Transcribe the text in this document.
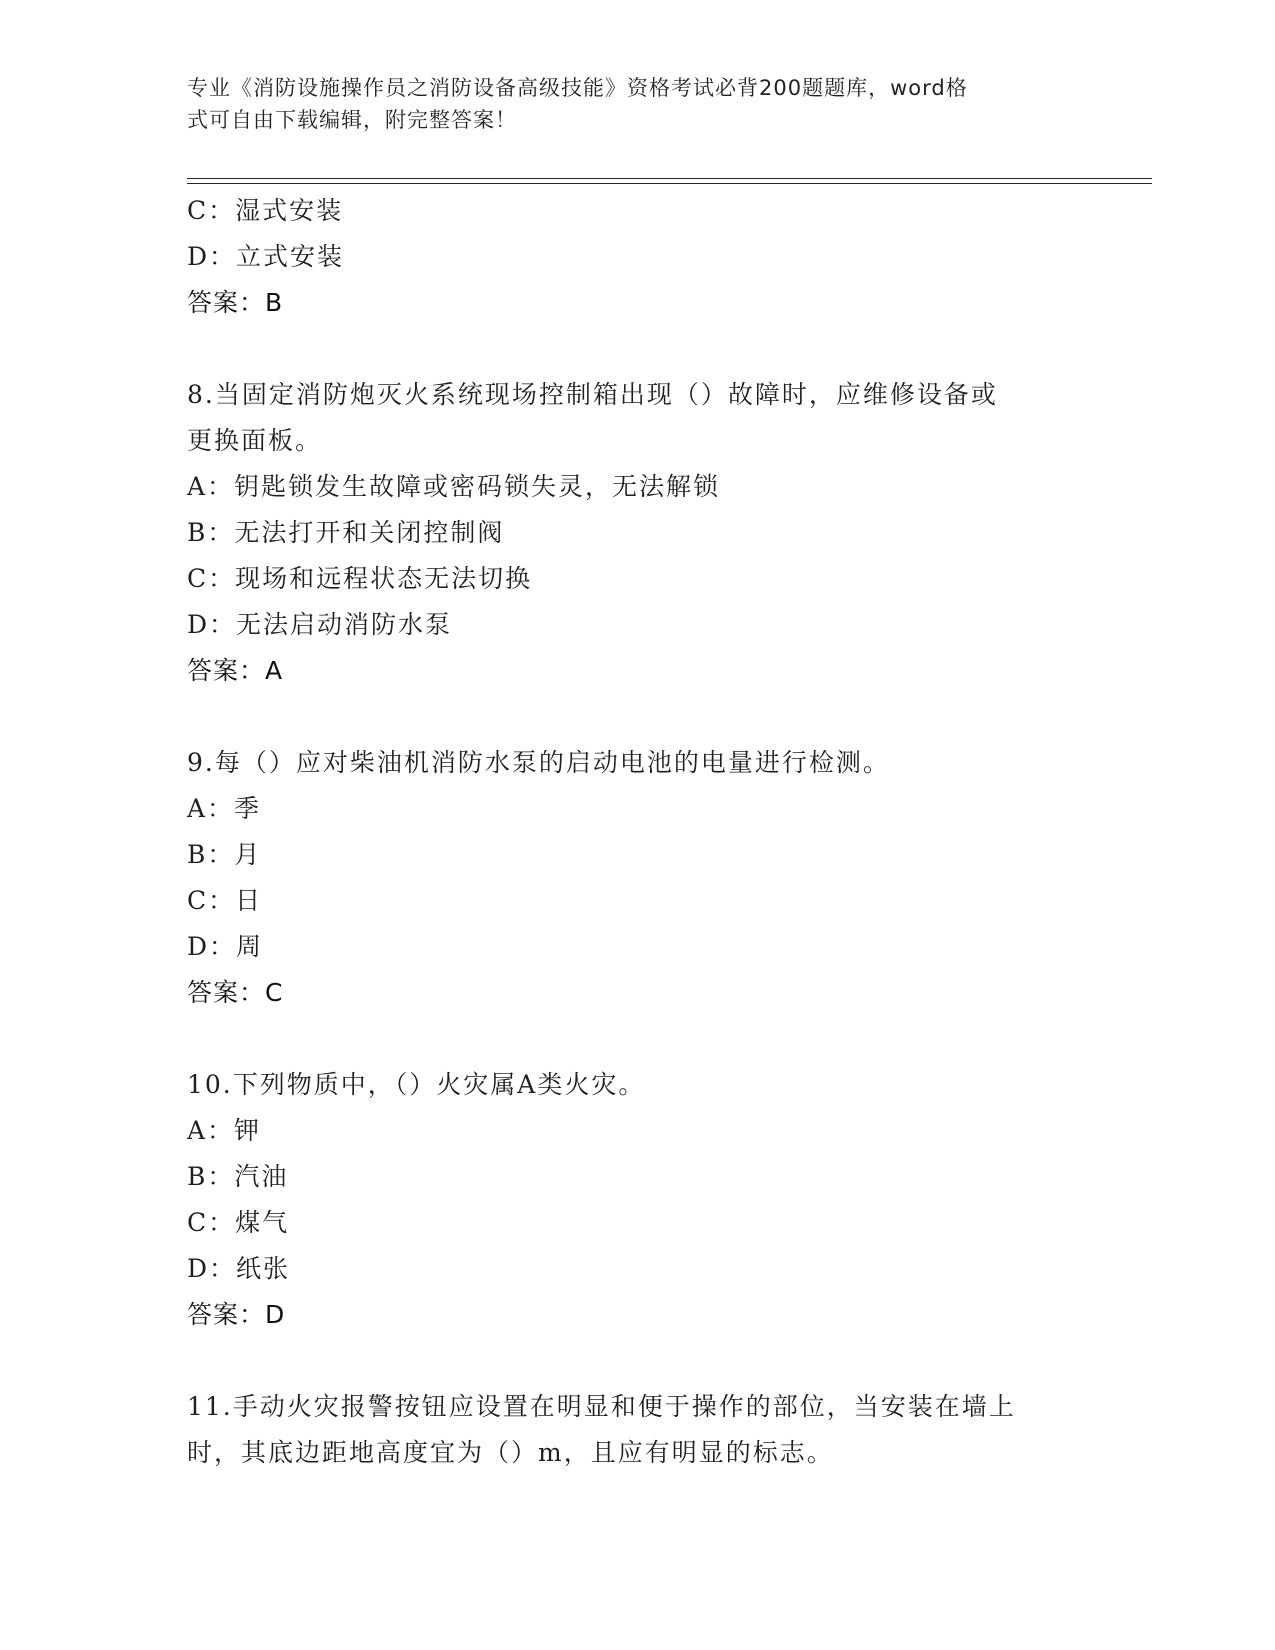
专业《消防设施操作员之消防设备高级技能》资格考试必背200题题库，word格
式可自由下载编辑，附完整答案！
C：湿式安装
D：立式安装
答案：B
8.当固定消防炮灭火系统现场控制箱出现（）故障时，应维修设备或
更换面板。
A：钥匙锁发生故障或密码锁失灵，无法解锁
B：无法打开和关闭控制阀
C：现场和远程状态无法切换
D：无法启动消防水泵
答案：A
9.每（）应对柴油机消防水泵的启动电池的电量进行检测。
A：季
B：月
C：日
D：周
答案：C
10.下列物质中，（）火灾属A类火灾。
A：钾
B：汽油
C：煤气
D：纸张
答案：D
11.手动火灾报警按钮应设置在明显和便于操作的部位，当安装在墙上
时，其底边距地高度宜为（）m，且应有明显的标志。
